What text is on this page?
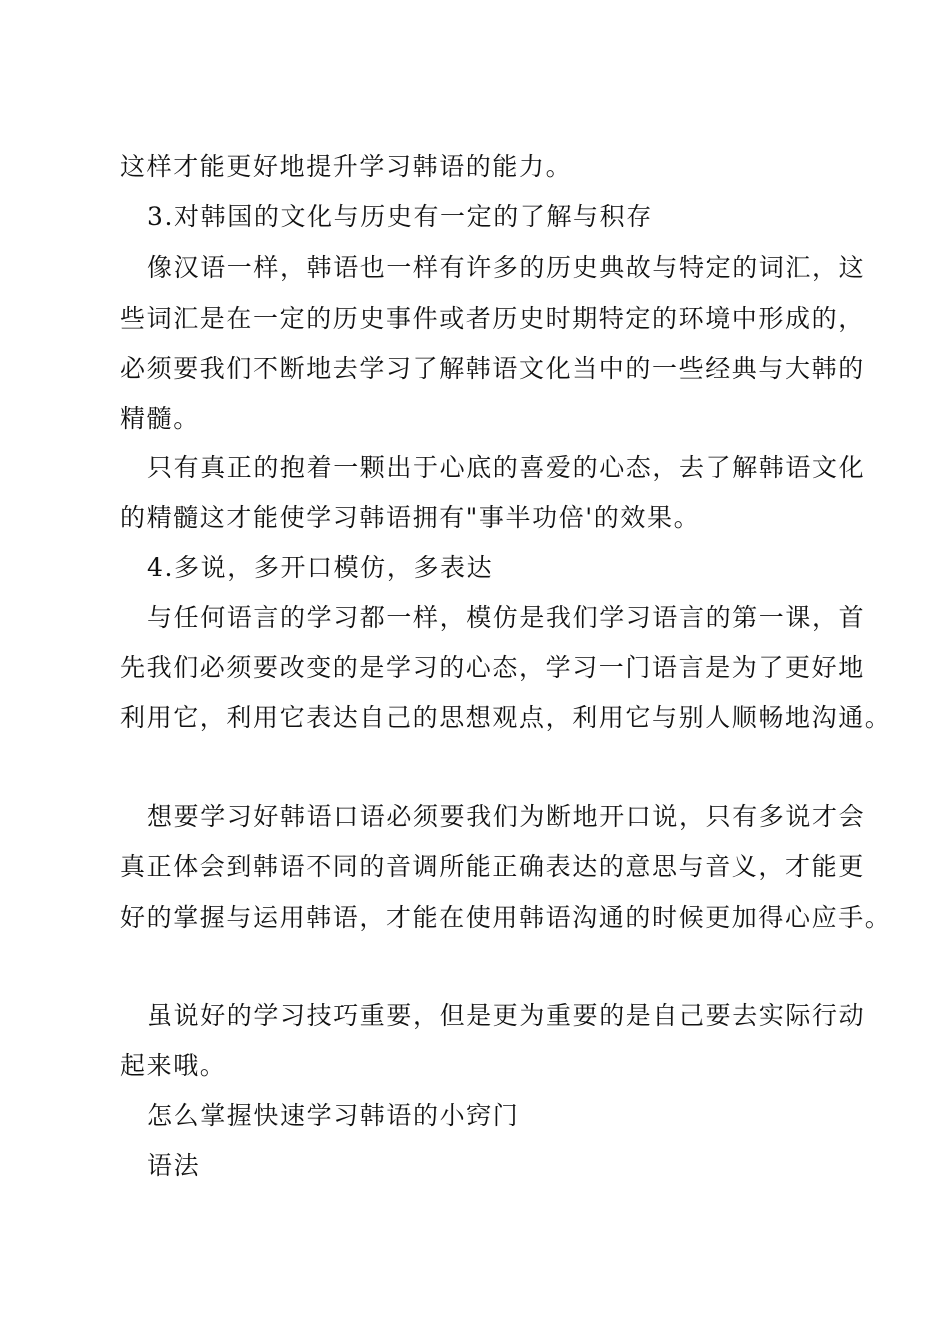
这样才能更好地提升学习韩语的能力。
3.对韩国的文化与历史有一定的了解与积存
像汉语一样，韩语也一样有许多的历史典故与特定的词汇，这
些词汇是在一定的历史事件或者历史时期特定的环境中形成的，
必须要我们不断地去学习了解韩语文化当中的一些经典与大韩的
精髓。
只有真正的抱着一颗出于心底的喜爱的心态，去了解韩语文化
的精髓这才能使学习韩语拥有"事半功倍'的效果。
4.多说，多开口模仿，多表达
与任何语言的学习都一样，模仿是我们学习语言的第一课，首
先我们必须要改变的是学习的心态，学习一门语言是为了更好地
利用它，利用它表达自己的思想观点，利用它与别人顺畅地沟通。
想要学习好韩语口语必须要我们为断地开口说，只有多说才会
真正体会到韩语不同的音调所能正确表达的意思与音义，才能更
好的掌握与运用韩语，才能在使用韩语沟通的时候更加得心应手。
虽说好的学习技巧重要，但是更为重要的是自己要去实际行动
起来哦。
怎么掌握快速学习韩语的小窍门
语法
